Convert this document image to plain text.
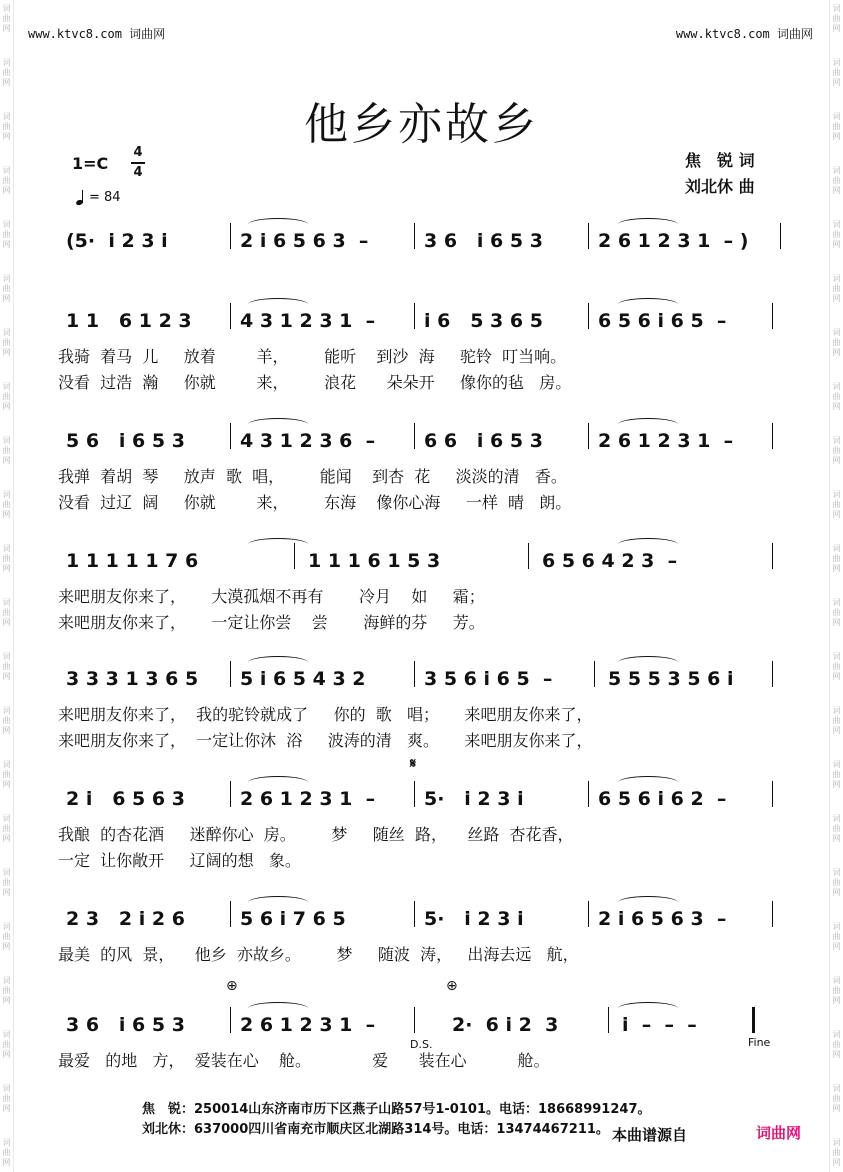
词
曲
网
词
曲
网
词
曲
网
词
曲
网
词
曲
网
词
曲
网
词
曲
网
词
曲
网
词
曲
网
词
曲
网
词
曲
网
词
曲
网
词
曲
网
词
曲
网
词
曲
网
词
曲
网
词
曲
网
词
曲
网
词
曲
网
词
曲
网
词
曲
网
词
曲
网
词
曲
网
词
曲
网
词
曲
网
词
曲
网
词
曲
网
词
曲
网
词
曲
网
词
曲
网
词
曲
网
词
曲
网
词
曲
网
词
曲
网
词
曲
网
词
曲
网
词
曲
网
词
曲
网
词
曲
网
词
曲
网
词
曲
网
词
曲
网
词
曲
网
词
曲
网
www.ktvc8.com 词曲网	www.ktvc8.com 词曲网
他乡亦故乡
1=C
4
4
= 84
焦　锐 词
刘北休 曲
(5·  i 2 3 i	2 i 6 5 6 3  –	3 6   i 6 5 3	2 6 1 2 3 1  – )
1 1   6 1 2 3	4 3 1 2 3 1  –	i 6   5 3 6 5	6 5 6 i 6 5  –
我骑  着马  儿     放着        羊，       能听    到沙  海     驼铃  叮当响。
没看  过浩  瀚     你就        来，       浪花      朵朵开     像你的毡   房。
5 6   i 6 5 3	4 3 1 2 3 6  –	6 6   i 6 5 3	2 6 1 2 3 1  –
我弹  着胡  琴     放声  歌  唱，       能闻    到杏  花     淡淡的清   香。
没看  过辽  阔     你就        来，       东海    像你心海     一样  晴   朗。
1 1 1 1 1 7 6	1 1 1 6 1 5 3	6 5 6 4 2 3  –
来吧朋友你来了，     大漠孤烟不再有       冷月    如     霜；
来吧朋友你来了，     一定让你尝    尝       海鲜的芬     芳。
3 3 3 1 3 6 5 5 i 6 5 4 3 2	3 5 6 i 6 5  –	5 5 5 3 5 6 i
来吧朋友你来了，  我的驼铃就成了     你的  歌   唱；     来吧朋友你来了，
来吧朋友你来了，  一定让你沐  浴     波涛的清   爽。     来吧朋友你来了，
2 i   6 5 6 3	2 6 1 2 3 1  –	5·   i 2 3 i	6 5 6 i 6 2  –
我酿  的杏花酒     迷醉你心  房。       梦     随丝  路，    丝路  杏花香，
一定  让你敞开     辽阔的想   象。
2 3   2 i 2 6	5 6 i 7 6 5	5·   i 2 3 i	2 i 6 5 6 3  –
最美  的风  景，    他乡  亦故乡。       梦     随波  涛，   出海去远   航，
3 6   i 6 5 3	2 6 1 2 3 1  –	2·  6 i 2  3	i  –  –  –
最爱   的地   方，  爱装在心    舱。            爱      装在心          舱。
𝄋
⊕	⊕
D.S.	Fine
焦　锐：250014山东济南市历下区燕子山路57号1-0101。电话：18668991247。
刘北休：637000四川省南充市顺庆区北湖路314号。电话：13474467211。 本曲谱源自	词曲网
